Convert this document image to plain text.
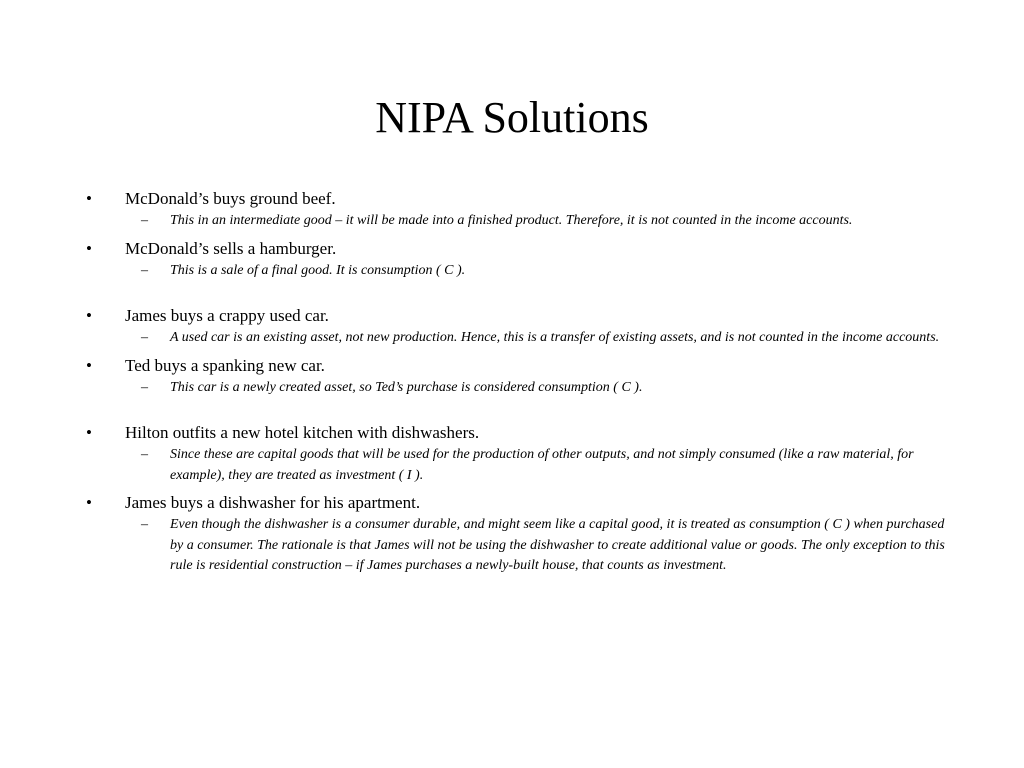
NIPA Solutions
•	McDonald’s buys ground beef.
– This in an intermediate good – it will be made into a finished product. Therefore, it is not counted in the income accounts.
•	McDonald’s sells a hamburger.
– This is a sale of a final good. It is consumption ( C ).
•	James buys a crappy used car.
– A used car is an existing asset, not new production. Hence, this is a transfer of existing assets, and is not counted in the income accounts.
•	Ted buys a spanking new car.
– This car is a newly created asset, so Ted’s purchase is considered consumption ( C ).
•	Hilton outfits a new hotel kitchen with dishwashers.
– Since these are capital goods that will be used for the production of other outputs, and not simply consumed (like a raw material, for example), they are treated as investment ( I ).
•	James buys a dishwasher for his apartment.
– Even though the dishwasher is a consumer durable, and might seem like a capital good, it is treated as consumption ( C ) when purchased by a consumer. The rationale is that James will not be using the dishwasher to create additional value or goods. The only exception to this rule is residential construction – if James purchases a newly-built house, that counts as investment.
